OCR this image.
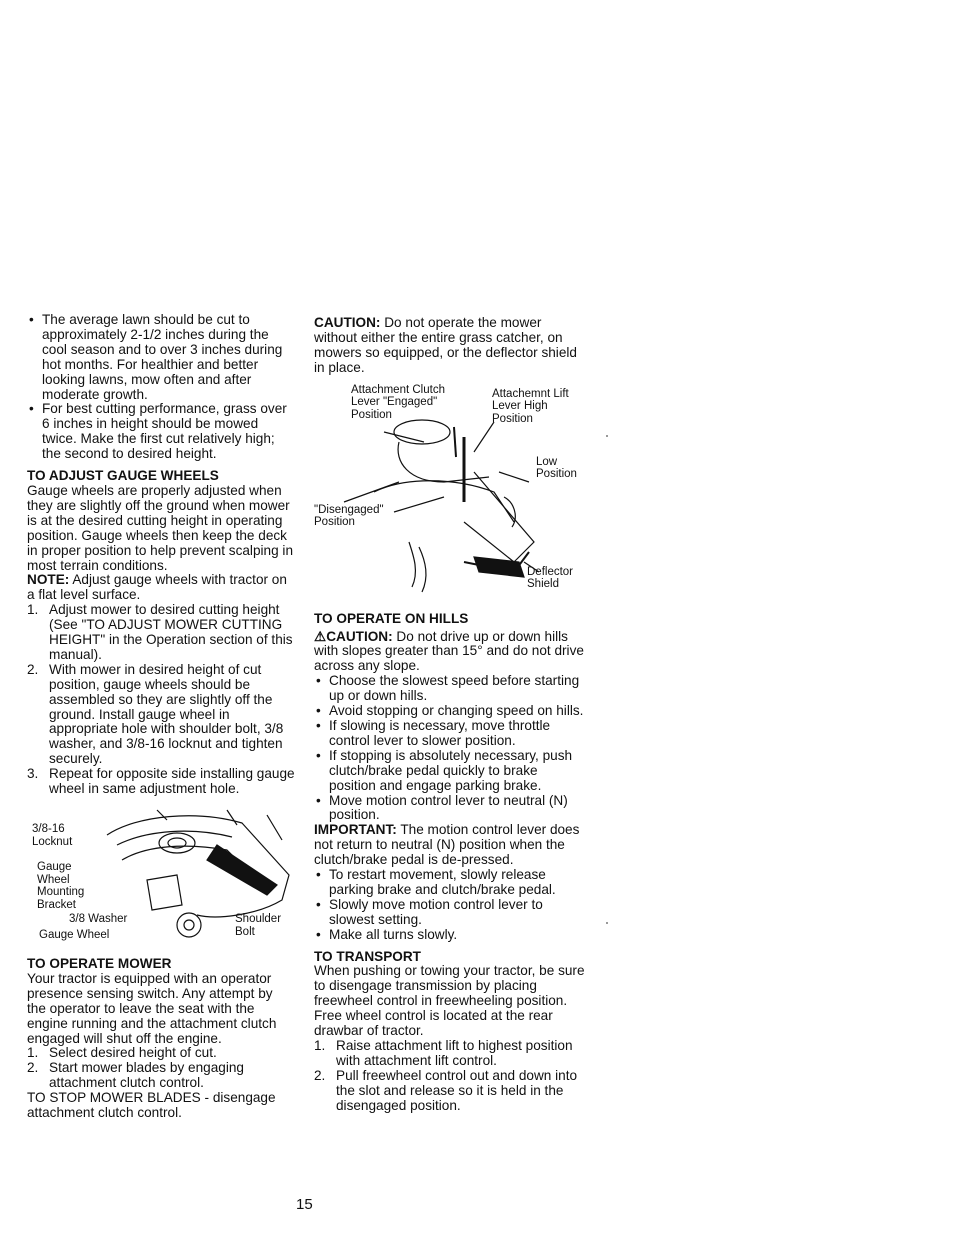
• The average lawn should be cut to approximately 2-1/2 inches during the cool season and to over 3 inches during hot months. For healthier and better looking lawns, mow often and after moderate growth.

• For best cutting performance, grass over 6 inches in height should be mowed twice. Make the first cut relatively high; the second to desired height.

TO ADJUST GAUGE WHEELS

Gauge wheels are properly adjusted when they are slightly off the ground when mower is at the desired cutting height in operating position. Gauge wheels then keep the deck in proper position to help prevent scalping in most terrain conditions.

NOTE: Adjust gauge wheels with tractor on a flat level surface.

1. Adjust mower to desired cutting height (See "TO ADJUST MOWER CUTTING HEIGHT" in the Operation section of this manual).

2. With mower in desired height of cut position, gauge wheels should be assembled so they are slightly off the ground. Install gauge wheel in appropriate hole with shoulder bolt, 3/8 washer, and 3/8-16 locknut and tighten securely.

3. Repeat for opposite side installing gauge wheel in same adjustment hole.

3/8-16
Locknut
Gauge
Wheel
Mounting
Bracket
3/8 Washer
Gauge Wheel
Shoulder
Bolt

TO OPERATE MOWER

Your tractor is equipped with an operator presence sensing switch. Any attempt by the operator to leave the seat with the engine running and the attachment clutch engaged will shut off the engine.

1. Select desired height of cut.

2. Start mower blades by engaging attachment clutch control.

TO STOP MOWER BLADES - disengage attachment clutch control.

CAUTION: Do not operate the mower without either the entire grass catcher, on mowers so equipped, or the deflector shield in place.

Attachment Clutch
Lever "Engaged"
Position
Attachemnt Lift
Lever High
Position
Low
Position
"Disengaged"
Position
Deflector
Shield

TO OPERATE ON HILLS

⚠CAUTION: Do not drive up or down hills with slopes greater than 15° and do not drive across any slope.

• Choose the slowest speed before starting up or down hills.

• Avoid stopping or changing speed on hills.

• If slowing is necessary, move throttle control lever to slower position.

• If stopping is absolutely necessary, push clutch/brake pedal quickly to brake position and engage parking brake.

• Move motion control lever to neutral (N) position.

IMPORTANT: The motion control lever does not return to neutral (N) position when the clutch/brake pedal is de-pressed.

• To restart movement, slowly release parking brake and clutch/brake pedal.

• Slowly move motion control lever to slowest setting.

• Make all turns slowly.

TO TRANSPORT

When pushing or towing your tractor, be sure to disengage transmission by placing freewheel control in freewheeling position. Free wheel control is located at the rear drawbar of tractor.

1. Raise attachment lift to highest position with attachment lift control.

2. Pull freewheel control out and down into the slot and release so it is held in the disengaged position.

15
